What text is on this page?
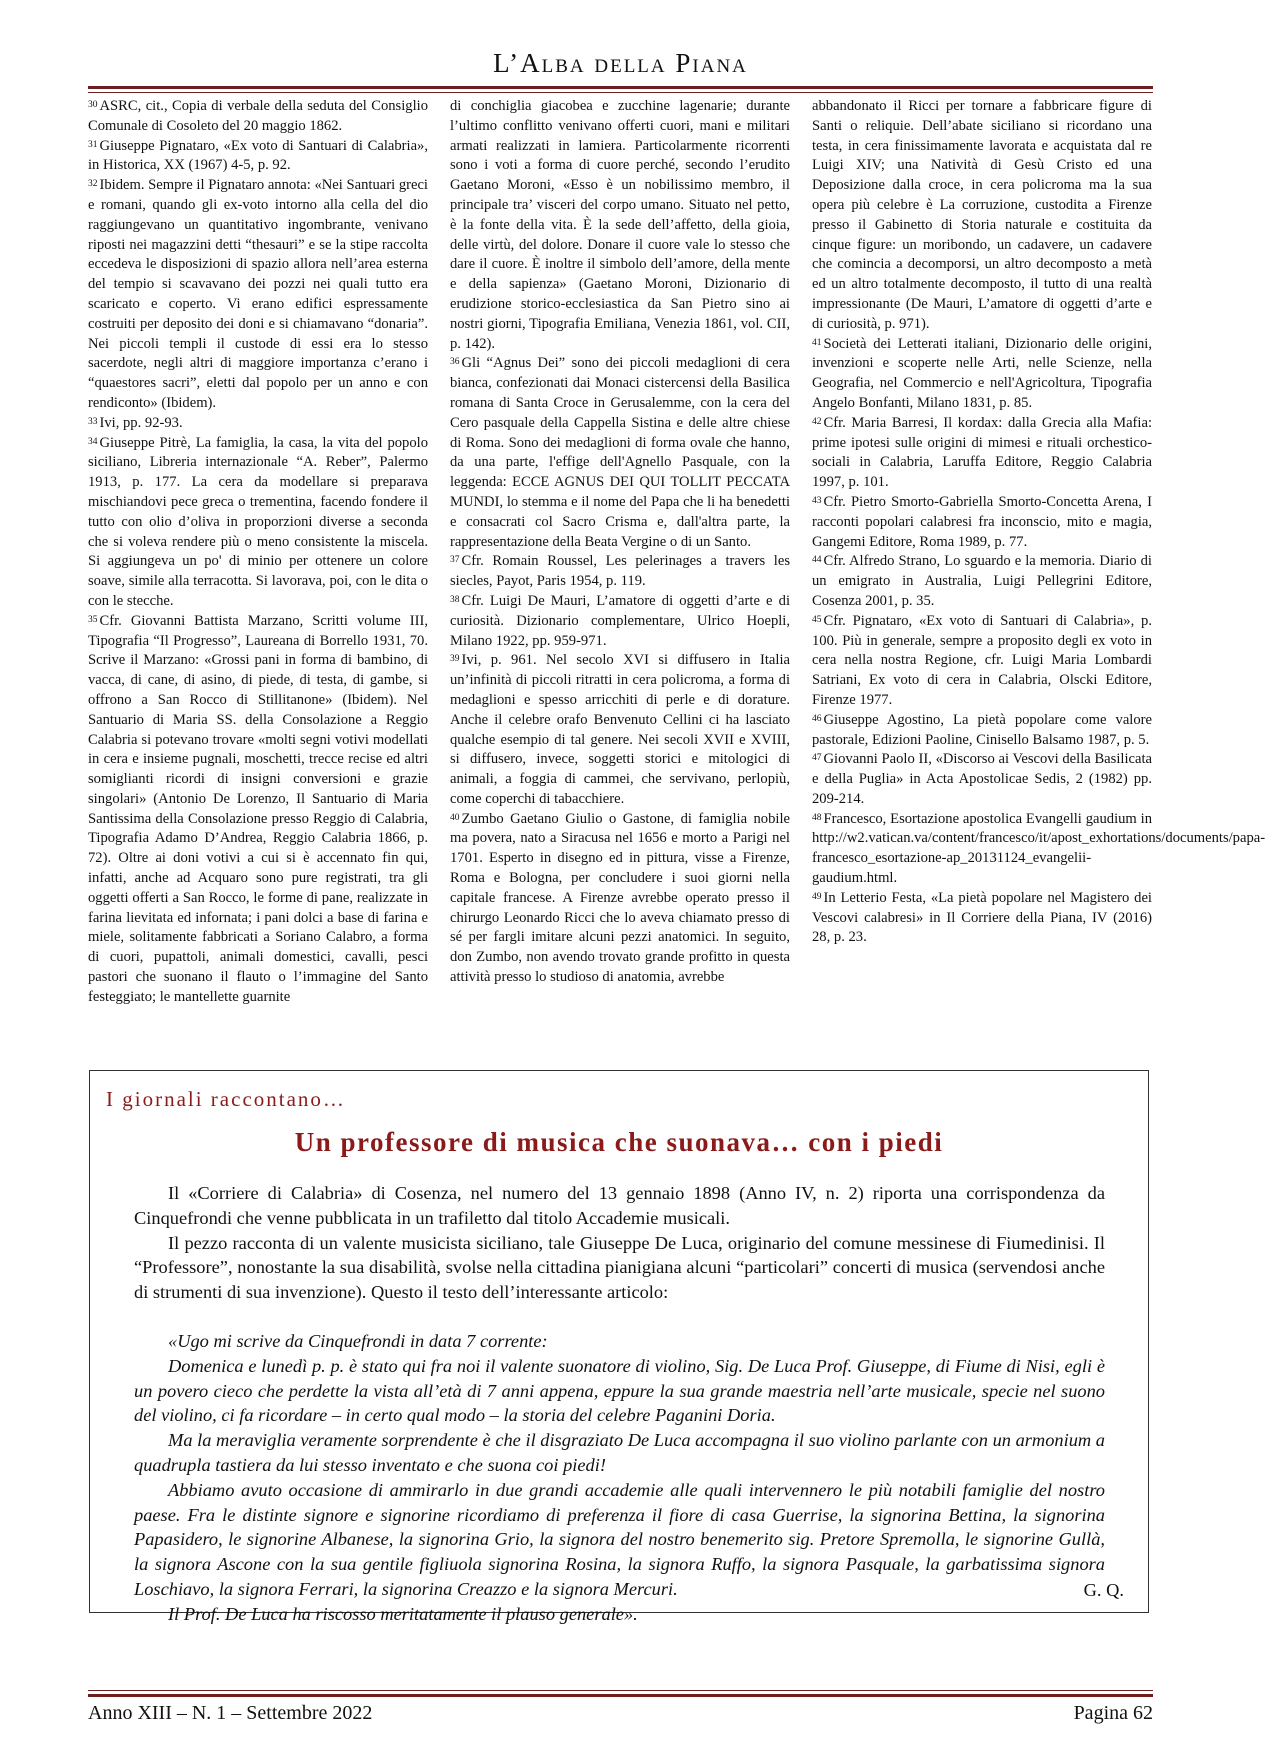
L’Alba della Piana

$^{30}$ ASRC, cit., Copia di verbale della seduta del Consiglio Comunale di Cosoleto del 20 maggio 1862.

$^{31}$ Giuseppe Pignataro, «Ex voto di Santuari di Calabria», in Historica, XX (1967) 4-5, p. 92.

$^{32}$ Ibidem. Sempre il Pignataro annota: «Nei Santuari greci e romani, quando gli ex-voto intorno alla cella del dio raggiungevano un quantitativo ingombrante, venivano riposti nei magazzini detti “thesauri” e se la stipe raccolta eccedeva le disposizioni di spazio allora nell’area esterna del tempio si scavavano dei pozzi nei quali tutto era scaricato e coperto. Vi erano edifici espressamente costruiti per deposito dei doni e si chiamavano “donaria”. Nei piccoli templi il custode di essi era lo stesso sacerdote, negli altri di maggiore importanza c’erano i “quaestores sacri”, eletti dal popolo per un anno e con rendiconto» (Ibidem).

$^{33}$ Ivi, pp. 92-93.

$^{34}$ Giuseppe Pitrè, La famiglia, la casa, la vita del popolo siciliano, Libreria internazionale “A. Reber”, Palermo 1913, p. 177. La cera da modellare si preparava mischiandovi pece greca o trementina, facendo fondere il tutto con olio d’oliva in proporzioni diverse a seconda che si voleva rendere più o meno consistente la miscela. Si aggiungeva un po' di minio per ottenere un colore soave, simile alla terracotta. Si lavorava, poi, con le dita o con le stecche.

$^{35}$ Cfr. Giovanni Battista Marzano, Scritti volume III, Tipografia “Il Progresso”, Laureana di Borrello 1931, 70. Scrive il Marzano: «Grossi pani in forma di bambino, di vacca, di cane, di asino, di piede, di testa, di gambe, si offrono a San Rocco di Stillitanone» (Ibidem). Nel Santuario di Maria SS. della Consolazione a Reggio Calabria si potevano trovare «molti segni votivi modellati in cera e insieme pugnali, moschetti, trecce recise ed altri somiglianti ricordi di insigni conversioni e grazie singolari» (Antonio De Lorenzo, Il Santuario di Maria Santissima della Consolazione presso Reggio di Calabria, Tipografia Adamo D’Andrea, Reggio Calabria 1866, p. 72). Oltre ai doni votivi a cui si è accennato fin qui, infatti, anche ad Acquaro sono pure registrati, tra gli oggetti offerti a San Rocco, le forme di pane, realizzate in farina lievitata ed infornata; i pani dolci a base di farina e miele, solitamente fabbricati a Soriano Calabro, a forma di cuori, pupattoli, animali domestici, cavalli, pesci pastori che suonano il flauto o l’immagine del Santo festeggiato; le mantellette guarnite

di conchiglia giacobea e zucchine lagenarie; durante l’ultimo conflitto venivano offerti cuori, mani e militari armati realizzati in lamiera. Particolarmente ricorrenti sono i voti a forma di cuore perché, secondo l’erudito Gaetano Moroni, «Esso è un nobilissimo membro, il principale tra’ visceri del corpo umano. Situato nel petto, è la fonte della vita. È la sede dell’affetto, della gioia, delle virtù, del dolore. Donare il cuore vale lo stesso che dare il cuore. È inoltre il simbolo dell’amore, della mente e della sapienza» (Gaetano Moroni, Dizionario di erudizione storico-ecclesiastica da San Pietro sino ai nostri giorni, Tipografia Emiliana, Venezia 1861, vol. CII, p. 142).

$^{36}$ Gli “Agnus Dei” sono dei piccoli medaglioni di cera bianca, confezionati dai Monaci cistercensi della Basilica romana di Santa Croce in Gerusalemme, con la cera del Cero pasquale della Cappella Sistina e delle altre chiese di Roma. Sono dei medaglioni di forma ovale che hanno, da una parte, l'effige dell'Agnello Pasquale, con la leggenda: ECCE AGNUS DEI QUI TOLLIT PECCATA MUNDI, lo stemma e il nome del Papa che li ha benedetti e consacrati col Sacro Crisma e, dall'altra parte, la rappresentazione della Beata Vergine o di un Santo.

$^{37}$ Cfr. Romain Roussel, Les pelerinages a travers les siecles, Payot, Paris 1954, p. 119.

$^{38}$ Cfr. Luigi De Mauri, L’amatore di oggetti d’arte e di curiosità. Dizionario complementare, Ulrico Hoepli, Milano 1922, pp. 959-971.

$^{39}$ Ivi, p. 961. Nel secolo XVI si diffusero in Italia un’infinità di piccoli ritratti in cera policroma, a forma di medaglioni e spesso arricchiti di perle e di dorature. Anche il celebre orafo Benvenuto Cellini ci ha lasciato qualche esempio di tal genere. Nei secoli XVII e XVIII, si diffusero, invece, soggetti storici e mitologici di animali, a foggia di cammei, che servivano, perlopiù, come coperchi di tabacchiere.

$^{40}$ Zumbo Gaetano Giulio o Gastone, di famiglia nobile ma povera, nato a Siracusa nel 1656 e morto a Parigi nel 1701. Esperto in disegno ed in pittura, visse a Firenze, Roma e Bologna, per concludere i suoi giorni nella capitale francese. A Firenze avrebbe operato presso il chirurgo Leonardo Ricci che lo aveva chiamato presso di sé per fargli imitare alcuni pezzi anatomici. In seguito, don Zumbo, non avendo trovato grande profitto in questa attività presso lo studioso di anatomia, avrebbe

abbandonato il Ricci per tornare a fabbricare figure di Santi o reliquie. Dell’abate siciliano si ricordano una testa, in cera finissimamente lavorata e acquistata dal re Luigi XIV; una Natività di Gesù Cristo ed una Deposizione dalla croce, in cera policroma ma la sua opera più celebre è La corruzione, custodita a Firenze presso il Gabinetto di Storia naturale e costituita da cinque figure: un moribondo, un cadavere, un cadavere che comincia a decomporsi, un altro decomposto a metà ed un altro totalmente decomposto, il tutto di una realtà impressionante (De Mauri, L’amatore di oggetti d’arte e di curiosità, p. 971).

$^{41}$ Società dei Letterati italiani, Dizionario delle origini, invenzioni e scoperte nelle Arti, nelle Scienze, nella Geografia, nel Commercio e nell'Agricoltura, Tipografia Angelo Bonfanti, Milano 1831, p. 85.

$^{42}$ Cfr. Maria Barresi, Il kordax: dalla Grecia alla Mafia: prime ipotesi sulle origini di mimesi e rituali orchestico-sociali in Calabria, Laruffa Editore, Reggio Calabria 1997, p. 101.

$^{43}$ Cfr. Pietro Smorto-Gabriella Smorto-Concetta Arena, I racconti popolari calabresi fra inconscio, mito e magia, Gangemi Editore, Roma 1989, p. 77.

$^{44}$ Cfr. Alfredo Strano, Lo sguardo e la memoria. Diario di un emigrato in Australia, Luigi Pellegrini Editore, Cosenza 2001, p. 35.

$^{45}$ Cfr. Pignataro, «Ex voto di Santuari di Calabria», p. 100. Più in generale, sempre a proposito degli ex voto in cera nella nostra Regione, cfr. Luigi Maria Lombardi Satriani, Ex voto di cera in Calabria, Olscki Editore, Firenze 1977.

$^{46}$ Giuseppe Agostino, La pietà popolare come valore pastorale, Edizioni Paoline, Cinisello Balsamo 1987, p. 5.

$^{47}$ Giovanni Paolo II, «Discorso ai Vescovi della Basilicata e della Puglia» in Acta Apostolicae Sedis, 2 (1982) pp. 209-214.

$^{48}$ Francesco, Esortazione apostolica Evangelli gaudium in http://w2.vatican.va/content/francesco/it/apost_exhortations/documents/papa-francesco_esortazione-ap_20131124_evangelii-gaudium.html.

$^{49}$ In Letterio Festa, «La pietà popolare nel Magistero dei Vescovi calabresi» in Il Corriere della Piana, IV (2016) 28, p. 23.

I giornali raccontano…
Un professore di musica che suonava… con i piedi

Il «Corriere di Calabria» di Cosenza, nel numero del 13 gennaio 1898 (Anno IV, n. 2) riporta una corrispondenza da Cinquefrondi che venne pubblicata in un trafiletto dal titolo Accademie musicali.

Il pezzo racconta di un valente musicista siciliano, tale Giuseppe De Luca, originario del comune messinese di Fiumedinisi. Il “Professore”, nonostante la sua disabilità, svolse nella cittadina pianigiana alcuni “particolari” concerti di musica (servendosi anche di strumenti di sua invenzione). Questo il testo dell’interessante articolo:

«Ugo mi scrive da Cinquefrondi in data 7 corrente:

Domenica e lunedì p. p. è stato qui fra noi il valente suonatore di violino, Sig. De Luca Prof. Giuseppe, di Fiume di Nisi, egli è un povero cieco che perdette la vista all’età di 7 anni appena, eppure la sua grande maestria nell’arte musicale, specie nel suono del violino, ci fa ricordare – in certo qual modo – la storia del celebre Paganini Doria.

Ma la meraviglia veramente sorprendente è che il disgraziato De Luca accompagna il suo violino parlante con un armonium a quadrupla tastiera da lui stesso inventato e che suona coi piedi!

Abbiamo avuto occasione di ammirarlo in due grandi accademie alle quali intervennero le più notabili famiglie del nostro paese. Fra le distinte signore e signorine ricordiamo di preferenza il fiore di casa Guerrise, la signorina Bettina, la signorina Papasidero, le signorine Albanese, la signorina Grio, la signora del nostro benemerito sig. Pretore Spremolla, le signorine Gullà, la signora Ascone con la sua gentile figliuola signorina Rosina, la signora Ruffo, la signora Pasquale, la garbatissima signora Loschiavo, la signora Ferrari, la signorina Creazzo e la signora Mercuri.

Il Prof. De Luca ha riscosso meritatamente il plauso generale».

G. Q.
Anno XIII – N. 1 – Settembre 2022	Pagina 62
